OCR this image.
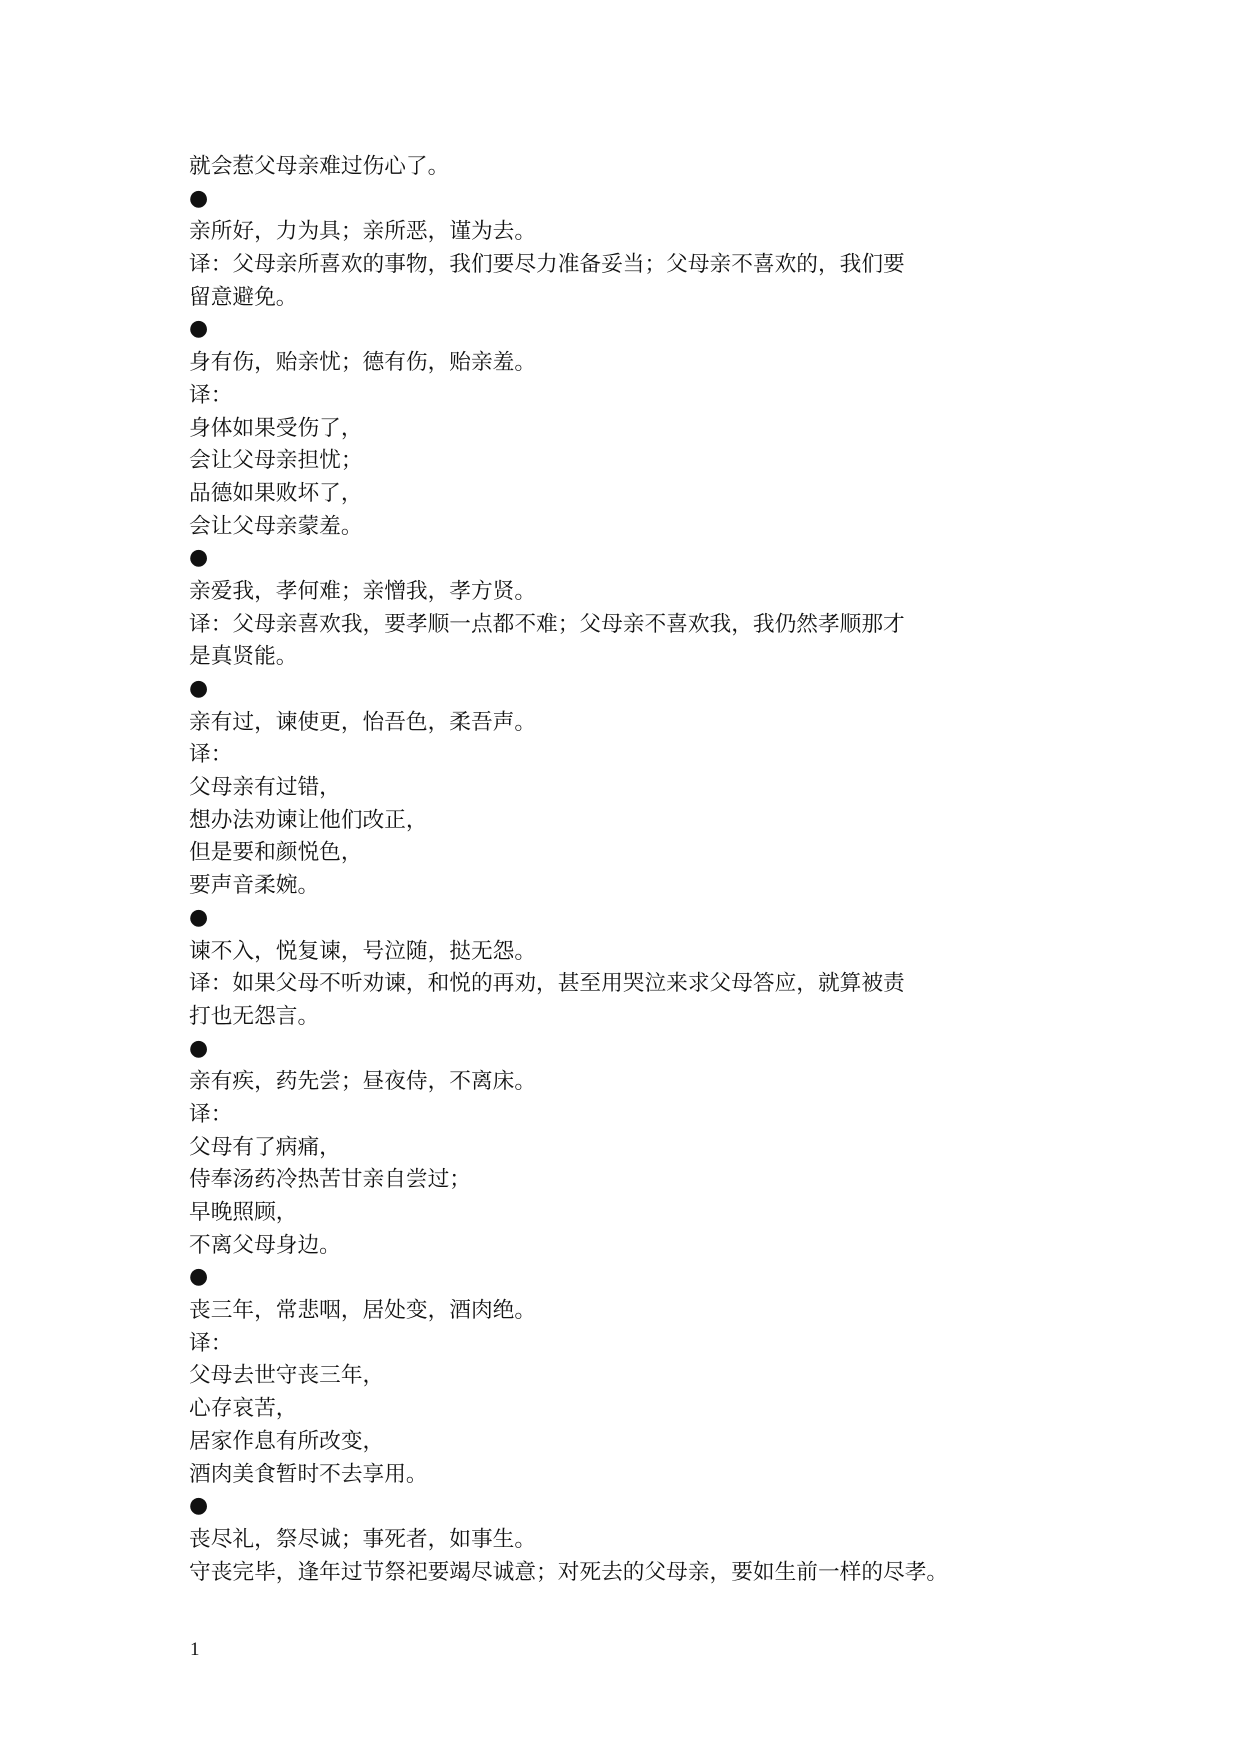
就会惹父母亲难过伤心了。
●
亲所好，力为具；亲所恶，谨为去。
译：父母亲所喜欢的事物，我们要尽力准备妥当；父母亲不喜欢的，我们要
留意避免。
●
身有伤，贻亲忧；德有伤，贻亲羞。
译：
身体如果受伤了，
会让父母亲担忧；
品德如果败坏了，
会让父母亲蒙羞。
●
亲爱我，孝何难；亲憎我，孝方贤。
译：父母亲喜欢我，要孝顺一点都不难；父母亲不喜欢我，我仍然孝顺那才
是真贤能。
●
亲有过，谏使更，怡吾色，柔吾声。
译：
父母亲有过错，
想办法劝谏让他们改正，
但是要和颜悦色，
要声音柔婉。
●
谏不入，悦复谏，号泣随，挞无怨。
译：如果父母不听劝谏，和悦的再劝，甚至用哭泣来求父母答应，就算被责
打也无怨言。
●
亲有疾，药先尝；昼夜侍，不离床。
译：
父母有了病痛，
侍奉汤药冷热苦甘亲自尝过；
早晚照顾，
不离父母身边。
●
丧三年，常悲咽，居处变，酒肉绝。
译：
父母去世守丧三年，
心存哀苦，
居家作息有所改变，
酒肉美食暂时不去享用。
●
丧尽礼，祭尽诚；事死者，如事生。
守丧完毕，逢年过节祭祀要竭尽诚意；对死去的父母亲，要如生前一样的尽孝。
1
